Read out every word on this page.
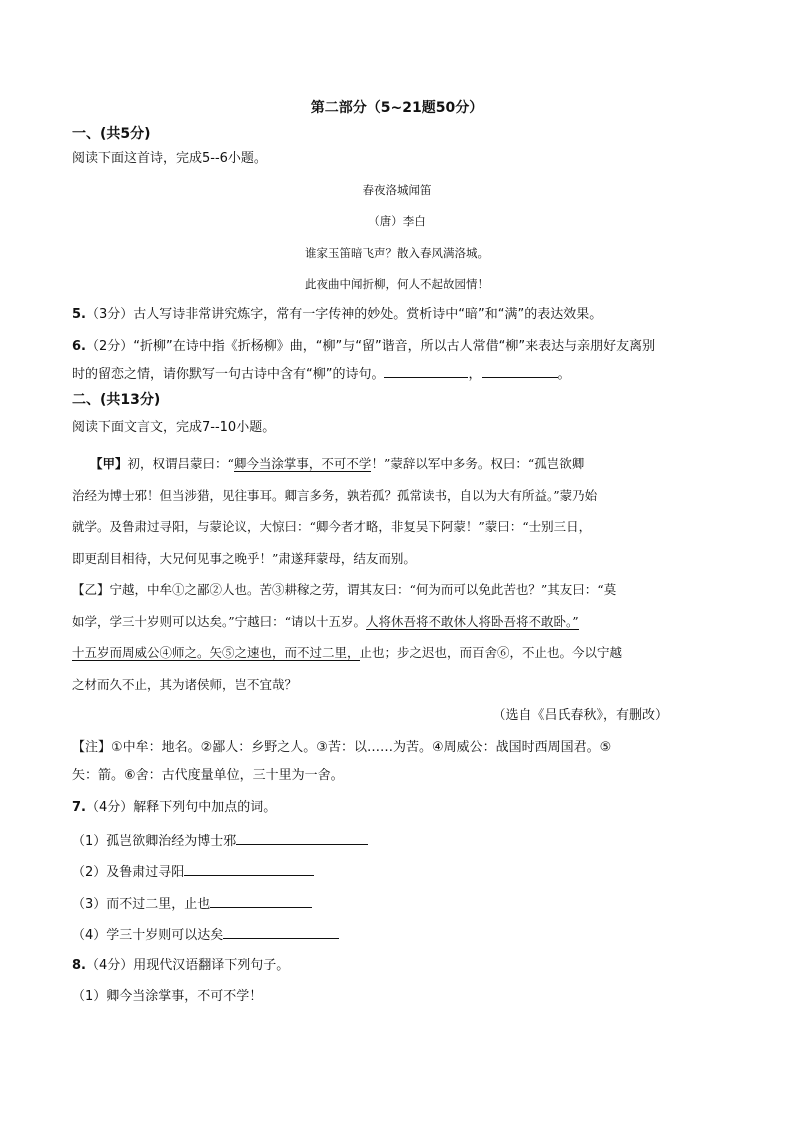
第二部分（5~21题50分）
一、(共5分)
阅读下面这首诗，完成5--6小题。
春夜洛城闻笛
（唐）李白
谁家玉笛暗飞声？散入春风满洛城。
此夜曲中闻折柳，何人不起故园情！
5.（3分）古人写诗非常讲究炼字，常有一字传神的妙处。赏析诗中“暗”和“满”的表达效果。
6.（2分）“折柳”在诗中指《折杨柳》曲，“柳”与“留”谐音，所以古人常借“柳”来表达与亲朋好友离别
时的留恋之情，请你默写一句古诗中含有“柳”的诗句。	，	。
二、(共13分)
阅读下面文言文，完成7--10小题。
【甲】初，权谓吕蒙曰：“卿今当涂掌事，不可不学！”蒙辞以军中多务。权曰：“孤岂欲卿
治经为博士邪！但当涉猎，见往事耳。卿言多务，孰若孤？孤常读书，自以为大有所益。”蒙乃始
就学。及鲁肃过寻阳，与蒙论议，大惊曰：“卿今者才略，非复吴下阿蒙！”蒙曰：“士别三日，
即更刮目相待，大兄何见事之晚乎！”肃遂拜蒙母，结友而别。
【乙】宁越，中牟①之鄙②人也。苦③耕稼之劳，谓其友曰：“何为而可以免此苦也？”其友曰：“莫
如学，学三十岁则可以达矣。”宁越曰：“请以十五岁。人将休吾将不敢休人将卧吾将不敢卧。”
十五岁而周威公④师之。矢⑤之速也，而不过二里，止也；步之迟也，而百舍⑥，不止也。今以宁越
之材而久不止，其为诸侯师，岂不宜哉？
（选自《吕氏春秋》，有删改）
【注】①中牟：地名。②鄙人：乡野之人。③苦：以……为苦。④周威公：战国时西周国君。⑤
矢：箭。⑥舍：古代度量单位，三十里为一舍。
7.（4分）解释下列句中加点的词。
（1）孤岂欲卿治经为博士邪
（2）及鲁肃过寻阳
（3）而不过二里，止也
（4）学三十岁则可以达矣
8.（4分）用现代汉语翻译下列句子。
（1）卿今当涂掌事，不可不学！
